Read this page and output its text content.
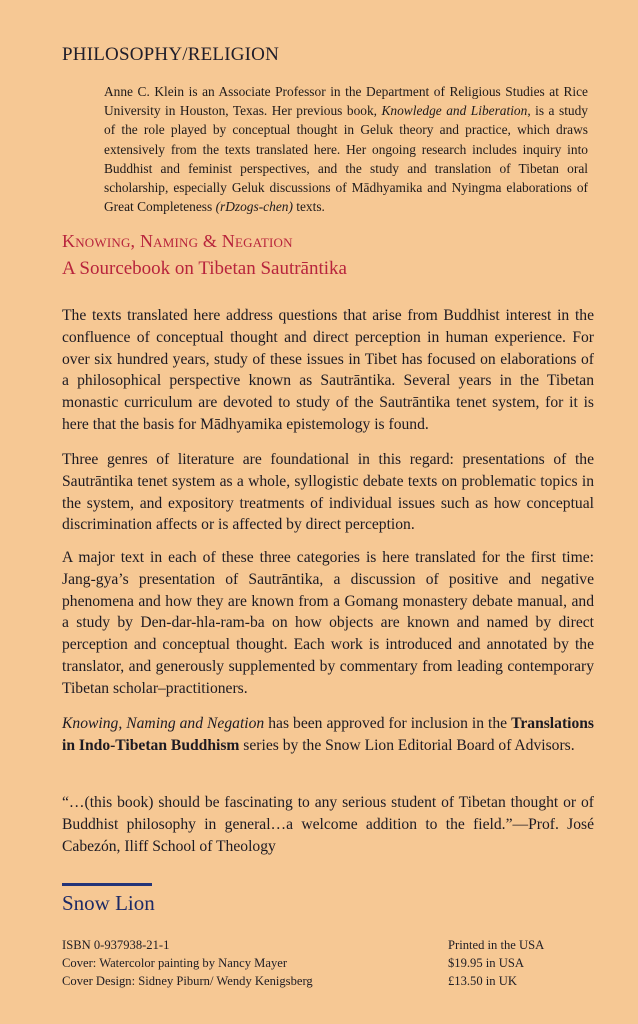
PHILOSOPHY/RELIGION
Anne C. Klein is an Associate Professor in the Department of Religious Studies at Rice University in Houston, Texas. Her previous book, Knowledge and Liberation, is a study of the role played by conceptual thought in Geluk theory and practice, which draws extensively from the texts translated here. Her ongoing research includes inquiry into Buddhist and feminist perspectives, and the study and translation of Tibetan oral scholarship, especially Geluk discussions of Mādhyamika and Nyingma elaborations of Great Completeness (rDzogs-chen) texts.
Knowing, Naming & Negation
A Sourcebook on Tibetan Sautrāntika
The texts translated here address questions that arise from Buddhist interest in the confluence of conceptual thought and direct perception in human experience. For over six hundred years, study of these issues in Tibet has focused on elaborations of a philosophical perspective known as Sautrāntika. Several years in the Tibetan monastic curriculum are devoted to study of the Sautrāntika tenet system, for it is here that the basis for Mādhyamika epistemology is found.
Three genres of literature are foundational in this regard: presentations of the Sautrāntika tenet system as a whole, syllogistic debate texts on problematic topics in the system, and expository treatments of individual issues such as how conceptual discrimination affects or is affected by direct perception.
A major text in each of these three categories is here translated for the first time: Jang-gya’s presentation of Sautrāntika, a discussion of positive and negative phenomena and how they are known from a Gomang monastery debate manual, and a study by Den-dar-hla-ram-ba on how objects are known and named by direct perception and conceptual thought. Each work is introduced and annotated by the translator, and generously supplemented by commentary from leading contemporary Tibetan scholar–practitioners.
Knowing, Naming and Negation has been approved for inclusion in the Translations in Indo-Tibetan Buddhism series by the Snow Lion Editorial Board of Advisors.
“…(this book) should be fascinating to any serious student of Tibetan thought or of Buddhist philosophy in general…a welcome addition to the field.”—Prof. José Cabezón, Iliff School of Theology
Snow Lion
ISBN 0-937938-21-1
Cover: Watercolor painting by Nancy Mayer
Cover Design: Sidney Piburn/ Wendy Kenigsberg
Printed in the USA
$19.95 in USA
£13.50 in UK
